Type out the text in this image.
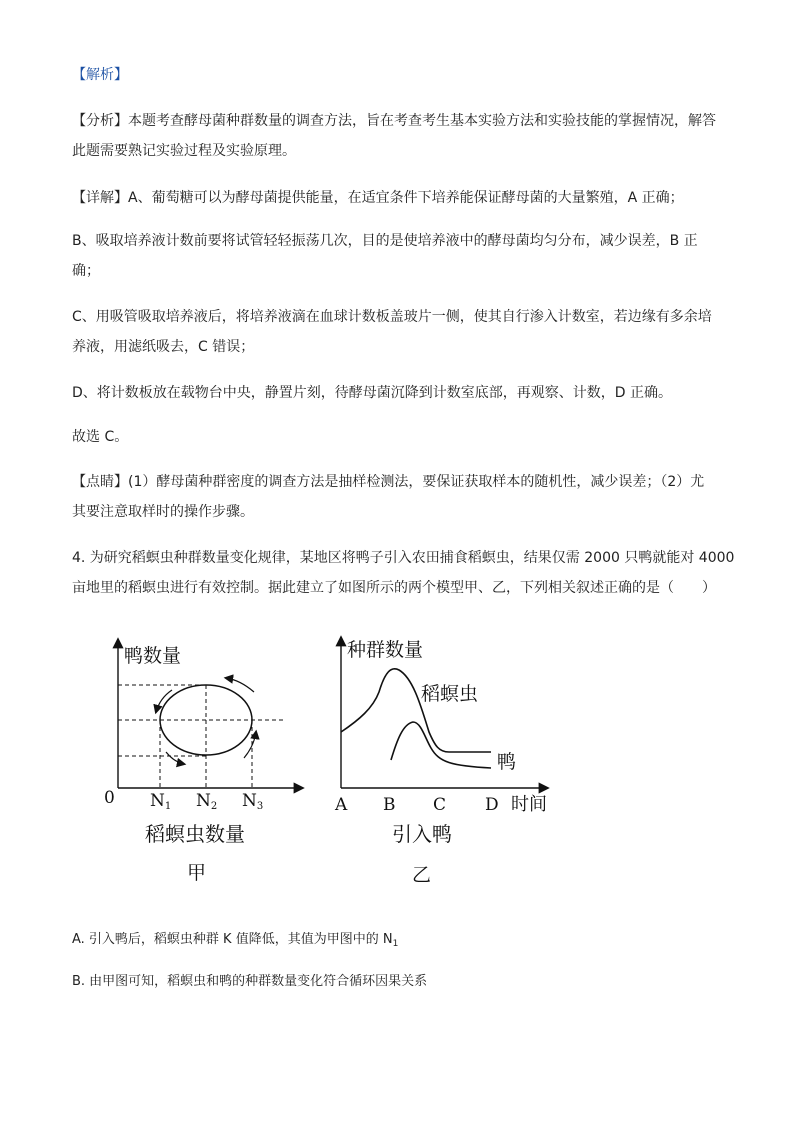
【解析】
【分析】本题考查酵母菌种群数量的调查方法，旨在考查考生基本实验方法和实验技能的掌握情况，解答
此题需要熟记实验过程及实验原理。
【详解】A、葡萄糖可以为酵母菌提供能量，在适宜条件下培养能保证酵母菌的大量繁殖，A 正确；
B、吸取培养液计数前要将试管轻轻振荡几次，目的是使培养液中的酵母菌均匀分布，减少误差，B 正
确；
C、用吸管吸取培养液后，将培养液滴在血球计数板盖玻片一侧，使其自行渗入计数室，若边缘有多余培
养液，用滤纸吸去，C 错误；
D、将计数板放在载物台中央，静置片刻，待酵母菌沉降到计数室底部，再观察、计数，D 正确。
故选 C。
【点睛】(1）酵母菌种群密度的调查方法是抽样检测法，要保证获取样本的随机性，减少误差；（2）尤
其要注意取样时的操作步骤。
4. 为研究稻螟虫种群数量变化规律，某地区将鸭子引入农田捕食稻螟虫，结果仅需 2000 只鸭就能对 4000
亩地里的稻螟虫进行有效控制。据此建立了如图所示的两个模型甲、乙，下列相关叙述正确的是（　　）
鸭数量
0 N1 N2 N3
稻螟虫数量
甲
种群数量
稻螟虫
鸭
A B C D 时间
引入鸭
乙
A. 引入鸭后，稻螟虫种群 K 值降低，其值为甲图中的 $N_1$
B. 由甲图可知，稻螟虫和鸭的种群数量变化符合循环因果关系
